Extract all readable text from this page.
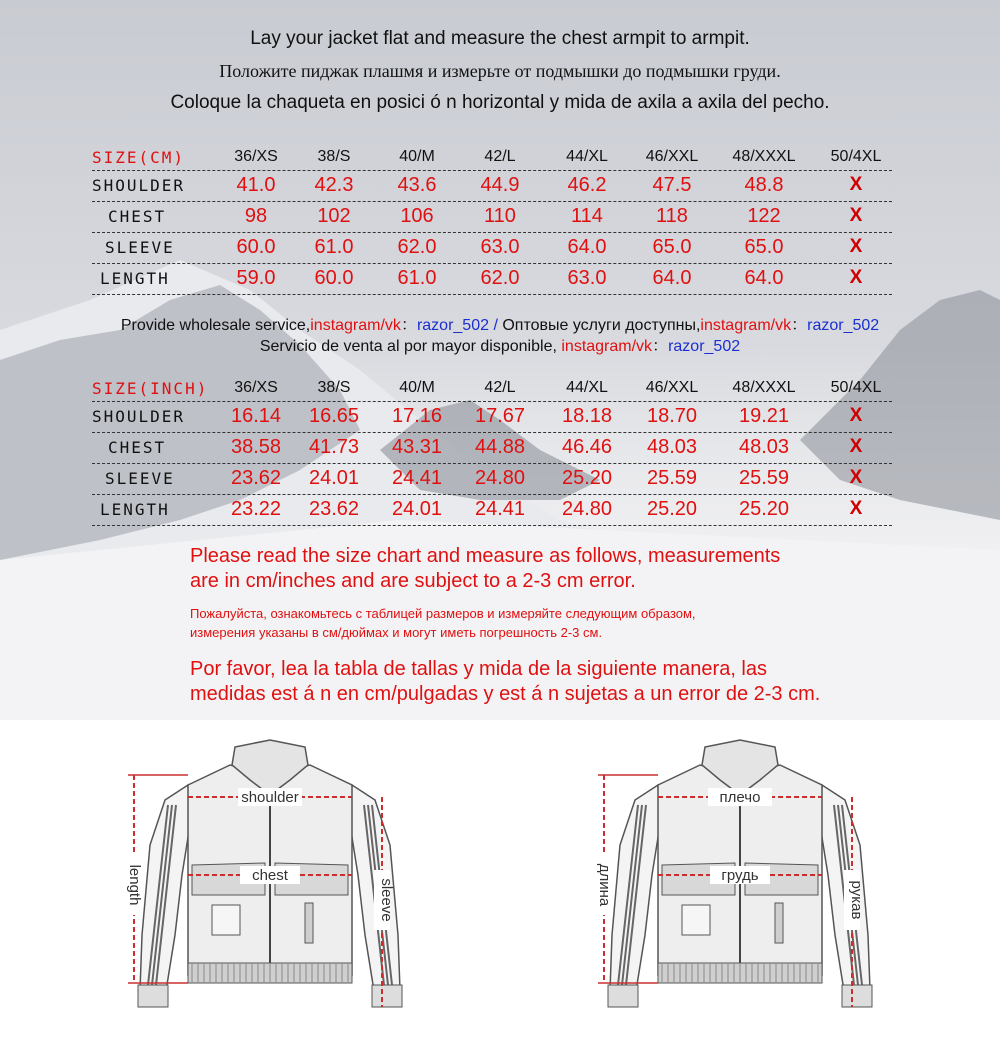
Lay your jacket flat and measure the chest armpit to armpit.
Положите пиджак плашмя и измерьте от подмышки до подмышки груди.
Coloque la chaqueta en posici ó n horizontal y mida de axila a axila del pecho.
SIZE(CM)	36/XS	38/S	40/M	42/L	44/XL	46/XXL	48/XXXL	50/4XL
SHOULDER	41.0	42.3	43.6	44.9	46.2	47.5	48.8	X
CHEST	98	102	106	110	114	118	122	X
SLEEVE	60.0	61.0	62.0	63.0	64.0	65.0	65.0	X
LENGTH	59.0	60.0	61.0	62.0	63.0	64.0	64.0	X
Provide wholesale service,instagram/vk：razor_502 / Оптовые услуги доступны,instagram/vk：razor_502
Servicio de venta al por mayor disponible, instagram/vk：razor_502
SIZE(INCH)	36/XS	38/S	40/M	42/L	44/XL	46/XXL	48/XXXL	50/4XL
SHOULDER	16.14	16.65	17.16	17.67	18.18	18.70	19.21	X
CHEST	38.58	41.73	43.31	44.88	46.46	48.03	48.03	X
SLEEVE	23.62	24.01	24.41	24.80	25.20	25.59	25.59	X
LENGTH	23.22	23.62	24.01	24.41	24.80	25.20	25.20	X
Please read the size chart and measure as follows, measurements
are in cm/inches and are subject to a 2-3 cm error.
Пожалуйста, ознакомьтесь с таблицей размеров и измеряйте следующим образом,
измерения указаны в см/дюймах и могут иметь погрешность 2-3 см.
Por favor, lea la tabla de tallas y mida de la siguiente manera, las
medidas est á n en cm/pulgadas y est á n sujetas a un error de 2-3 cm.
shoulder
chest
length	sleeve
плечо
грудь
длина	рукав
